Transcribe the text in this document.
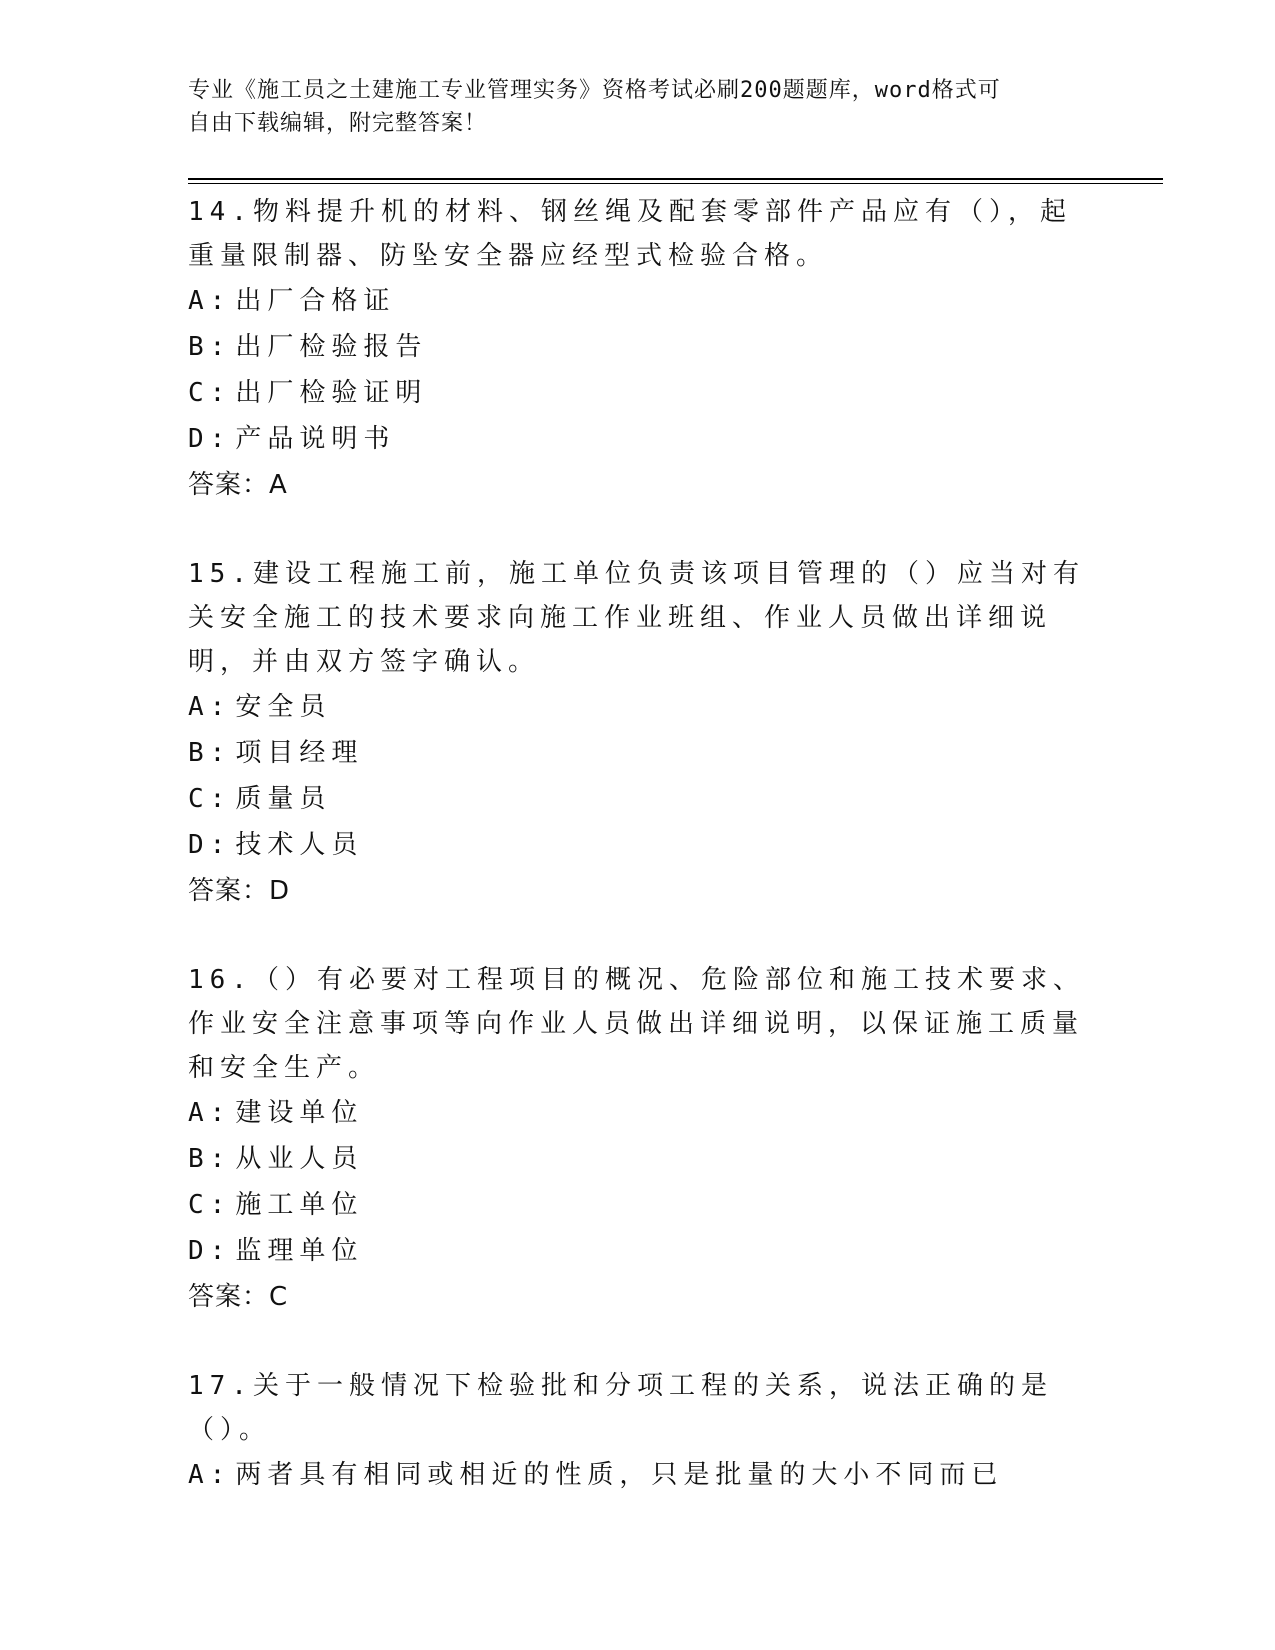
专业《施工员之土建施工专业管理实务》资格考试必刷200题题库，word格式可
自由下载编辑，附完整答案！
14.物料提升机的材料、钢丝绳及配套零部件产品应有（），起重量限制器、防坠安全器应经型式检验合格。
A: 出厂合格证
B: 出厂检验报告
C: 出厂检验证明
D: 产品说明书
答案：A
15.建设工程施工前，施工单位负责该项目管理的（）应当对有关安全施工的技术要求向施工作业班组、作业人员做出详细说明，并由双方签字确认。
A: 安全员
B: 项目经理
C: 质量员
D: 技术人员
答案：D
16.（）有必要对工程项目的概况、危险部位和施工技术要求、作业安全注意事项等向作业人员做出详细说明，以保证施工质量和安全生产。
A: 建设单位
B: 从业人员
C: 施工单位
D: 监理单位
答案：C
17.关于一般情况下检验批和分项工程的关系，说法正确的是（）。
A: 两者具有相同或相近的性质，只是批量的大小不同而已
